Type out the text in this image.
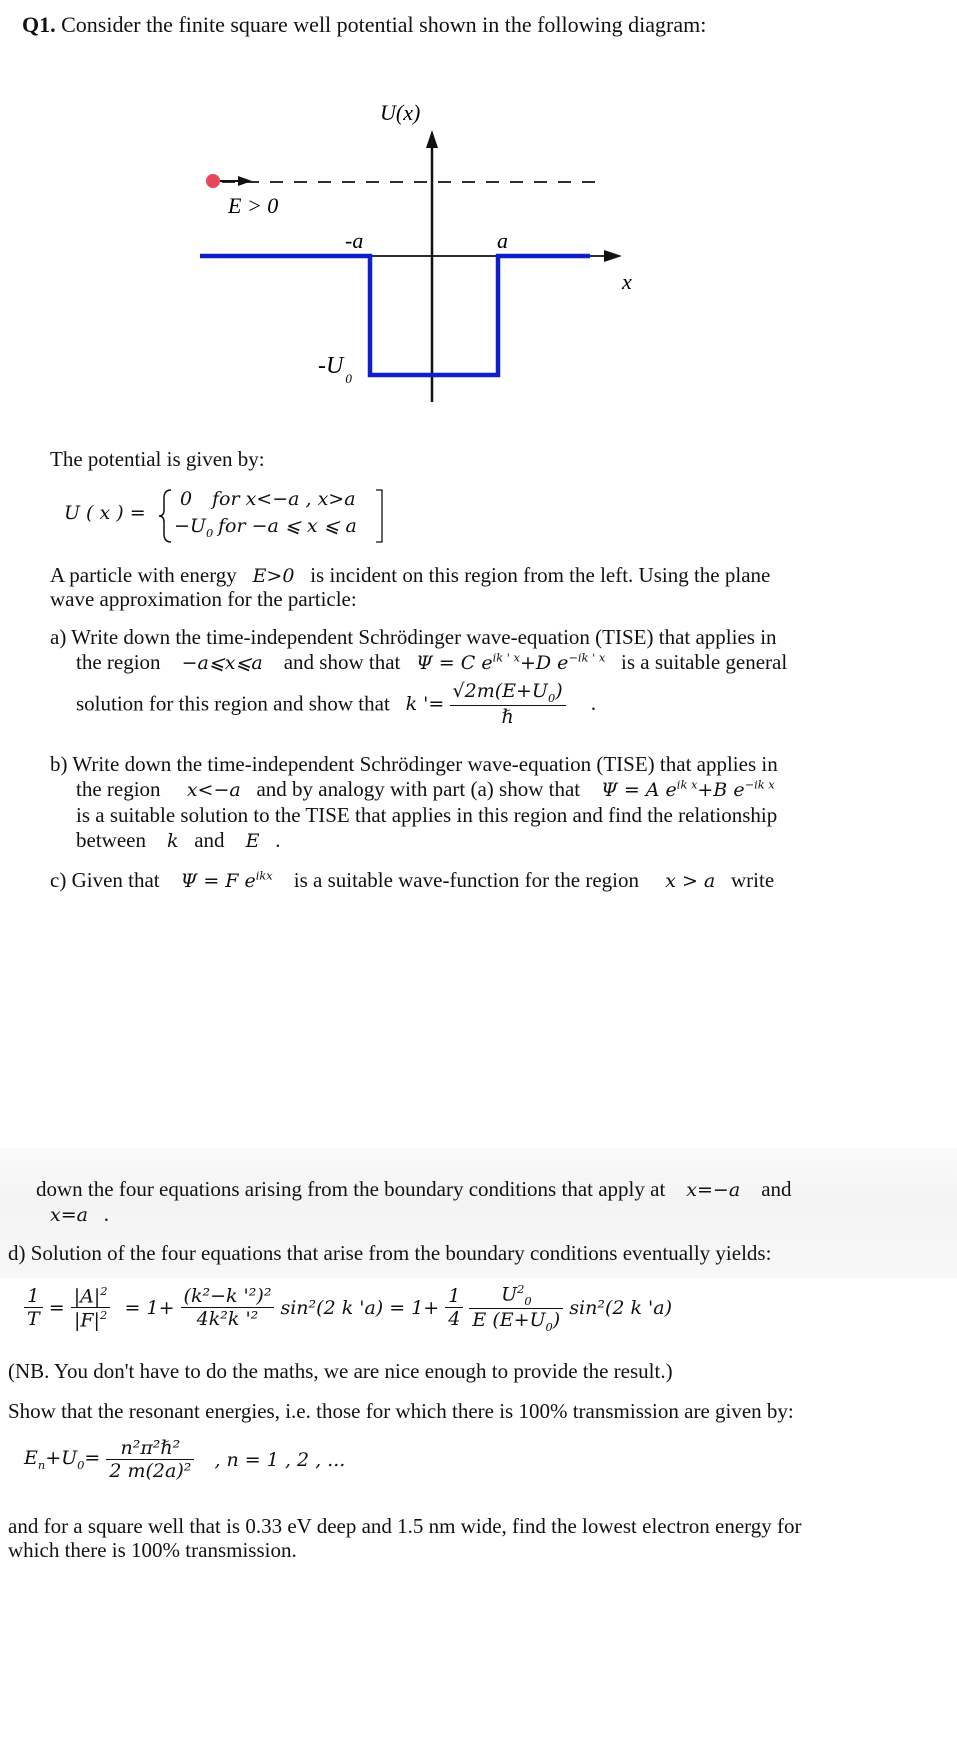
Q1. Consider the finite square well potential shown in the following diagram:
U(x)
x
E > 0
-a	a
-U $_0$
The potential is given by:
U ( x ) =
0 for x<−a , x>a
$-U_0$ for −a ⩽ x ⩽ a
A particle with energy E>0 is incident on this region from the left. Using the plane
wave approximation for the particle:
a) Write down the time-independent Schrödinger wave-equation (TISE) that applies in
the region −a⩽x⩽a and show that Ψ = C $e^{ik ' x}+D$ $e^{-ik ' x}$ is a suitable general
solution for this region and show that k '= $\frac{√2m(E+U_0)}{\text{ℏ}}$ .
b) Write down the time-independent Schrödinger wave-equation (TISE) that applies in
the region x<−a and by analogy with part (a) show that Ψ = A $e^{ik x}+B$ $e^{-ik x}$
is a suitable solution to the TISE that applies in this region and find the relationship
between k and E .
c) Given that Ψ = F $e^{ikx}$ is a suitable wave-function for the region x > a write
down the four equations arising from the boundary conditions that apply at x=−a and
x=a .
d) Solution of the four equations that arise from the boundary conditions eventually yields:
$\frac{1}{T} = \frac{|A|^2}{|F|^2} = 1+ \frac{\text{(k²−k '²)²}}{\text{4k²k '²}} \sin^2(2$ k '$a) = 1+ \frac{1}{4}$
$\frac{U^2_0}{E (E+U_0)} \sin^2(2$ k 'a)
(NB. You don't have to do the maths, we are nice enough to provide the result.)
Show that the resonant energies, i.e. those for which there is 100% transmission are given by:
$E_n+U_0= \frac{\text{n²π²ℏ²}}{\text{2 m(2a)²}}$ , n = 1 , 2 , ...
and for a square well that is 0.33 eV deep and 1.5 nm wide, find the lowest electron energy for
which there is 100% transmission.
